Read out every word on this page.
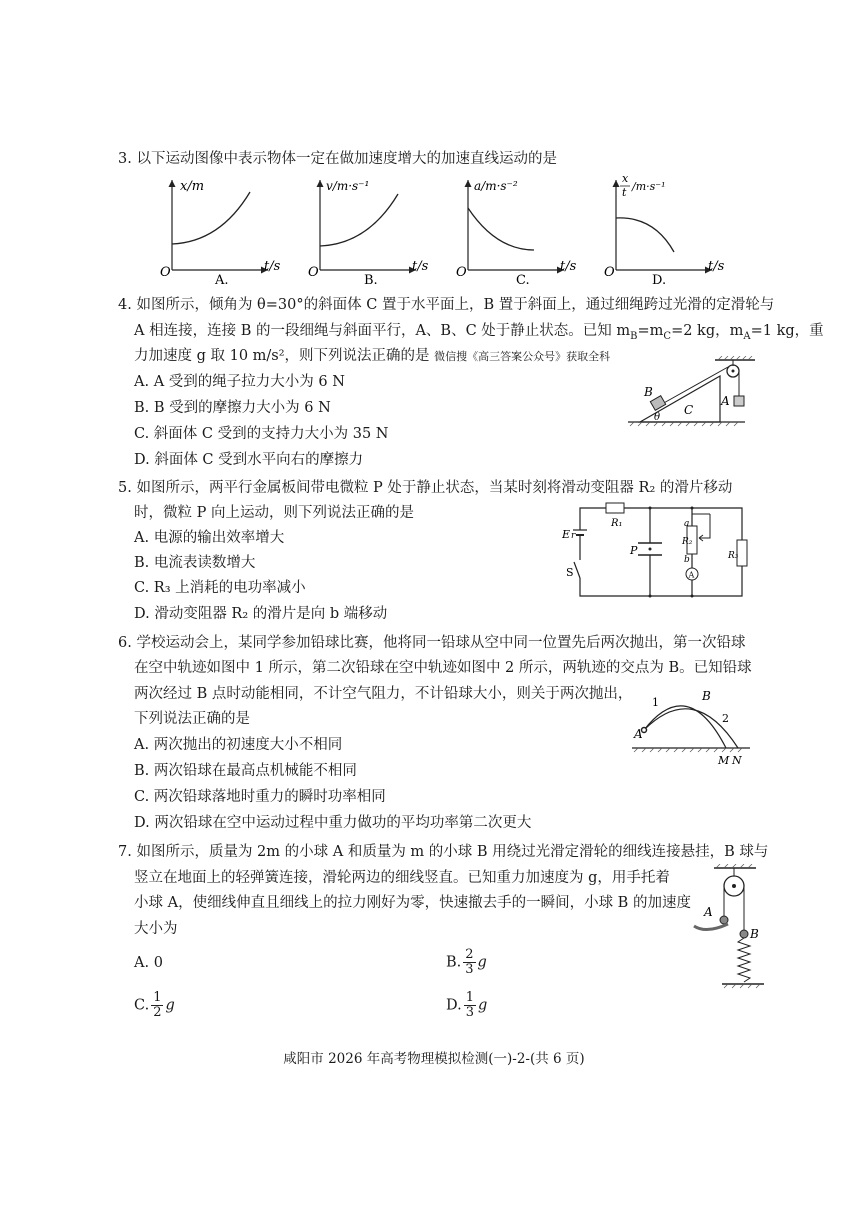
3. 以下运动图像中表示物体一定在做加速度增大的加速直线运动的是
O
x/m
t/s
A.
O
v/m·s⁻¹
t/s
B.
O
a/m·s⁻²
t/s
C.
O
x
t /m·s⁻¹
t/s
D.
4. 如图所示，倾角为 θ=30°的斜面体 C 置于水平面上，B 置于斜面上，通过细绳跨过光滑的定滑轮与
A 相连接，连接 B 的一段细绳与斜面平行，A、B、C 处于静止状态。已知 $m_B=m_C=2$ kg，$m_A=1$ kg，重
力加速度 g 取 10 m/s²，则下列说法正确的是 微信搜《高三答案公众号》获取全科
A. A 受到的绳子拉力大小为 6 N
B. B 受到的摩擦力大小为 6 N
C. 斜面体 C 受到的支持力大小为 35 N
D. 斜面体 C 受到水平向右的摩擦力
A
B
C
θ
5. 如图所示，两平行金属板间带电微粒 P 处于静止状态，当某时刻将滑动变阻器 R₂ 的滑片移动
时，微粒 P 向上运动，则下列说法正确的是
A. 电源的输出效率增大
B. 电流表读数增大
C. R₃ 上消耗的电功率减小
D. 滑动变阻器 R₂ 的滑片是向 b 端移动
R₁
E r
S
P
R₂
a
b
A
R₃
6. 学校运动会上，某同学参加铅球比赛，他将同一铅球从空中同一位置先后两次抛出，第一次铅球
在空中轨迹如图中 1 所示，第二次铅球在空中轨迹如图中 2 所示，两轨迹的交点为 B。已知铅球
两次经过 B 点时动能相同，不计空气阻力，不计铅球大小，则关于两次抛出，
下列说法正确的是
A. 两次抛出的初速度大小不相同
B. 两次铅球在最高点机械能不相同
C. 两次铅球落地时重力的瞬时功率相同
D. 两次铅球在空中运动过程中重力做功的平均功率第二次更大
A
B
1
2
M N
7. 如图所示，质量为 2m 的小球 A 和质量为 m 的小球 B 用绕过光滑定滑轮的细线连接悬挂，B 球与
竖立在地面上的轻弹簧连接，滑轮两边的细线竖直。已知重力加速度为 g，用手托着
小球 A，使细线伸直且细线上的拉力刚好为零，快速撤去手的一瞬间，小球 B 的加速度
大小为
A. 0	B. $\frac{2}{3}$ g
C. $\frac{1}{2}$ g	D. $\frac{1}{3}$ g
A
B
咸阳市 2026 年高考物理模拟检测(一)-2-(共 6 页)
